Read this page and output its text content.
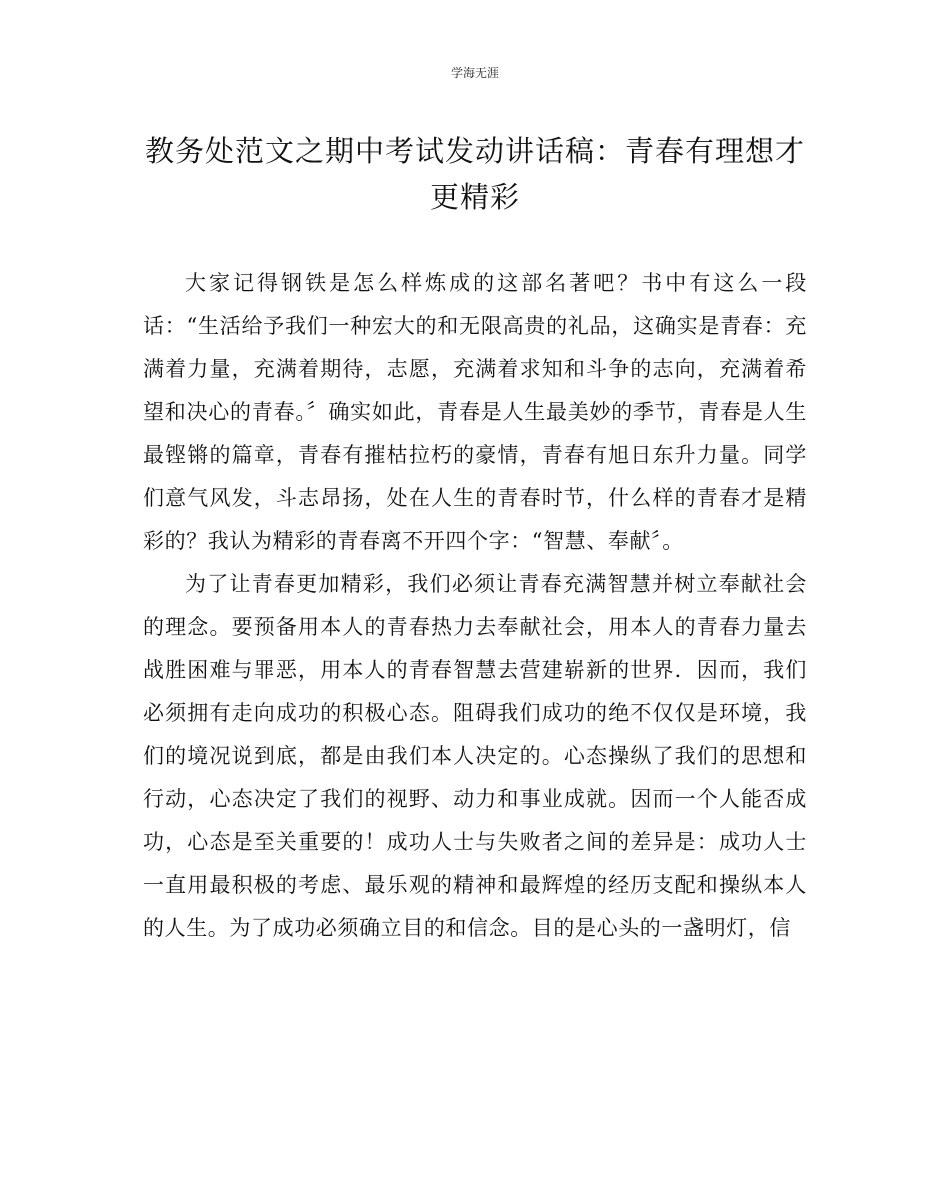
学海无涯
教务处范文之期中考试发动讲话稿：青春有理想才更精彩

大家记得钢铁是怎么样炼成的这部名著吧？书中有这么一段话：“生活给予我们一种宏大的和无限高贵的礼品，这确实是青春：充满着力量，充满着期待，志愿，充满着求知和斗争的志向，充满着希望和决心的青春。〞确实如此，青春是人生最美妙的季节，青春是人生最铿锵的篇章，青春有摧枯拉朽的豪情，青春有旭日东升力量。同学们意气风发，斗志昂扬，处在人生的青春时节，什么样的青春才是精彩的？我认为精彩的青春离不开四个字：“智慧、奉献〞。

为了让青春更加精彩，我们必须让青春充满智慧并树立奉献社会的理念。要预备用本人的青春热力去奉献社会，用本人的青春力量去战胜困难与罪恶，用本人的青春智慧去营建崭新的世界．因而，我们必须拥有走向成功的积极心态。阻碍我们成功的绝不仅仅是环境，我们的境况说到底，都是由我们本人决定的。心态操纵了我们的思想和行动，心态决定了我们的视野、动力和事业成就。因而一个人能否成功，心态是至关重要的！成功人士与失败者之间的差异是：成功人士一直用最积极的考虑、最乐观的精神和最辉煌的经历支配和操纵本人的人生。为了成功必须确立目的和信念。目的是心头的一盏明灯，信
